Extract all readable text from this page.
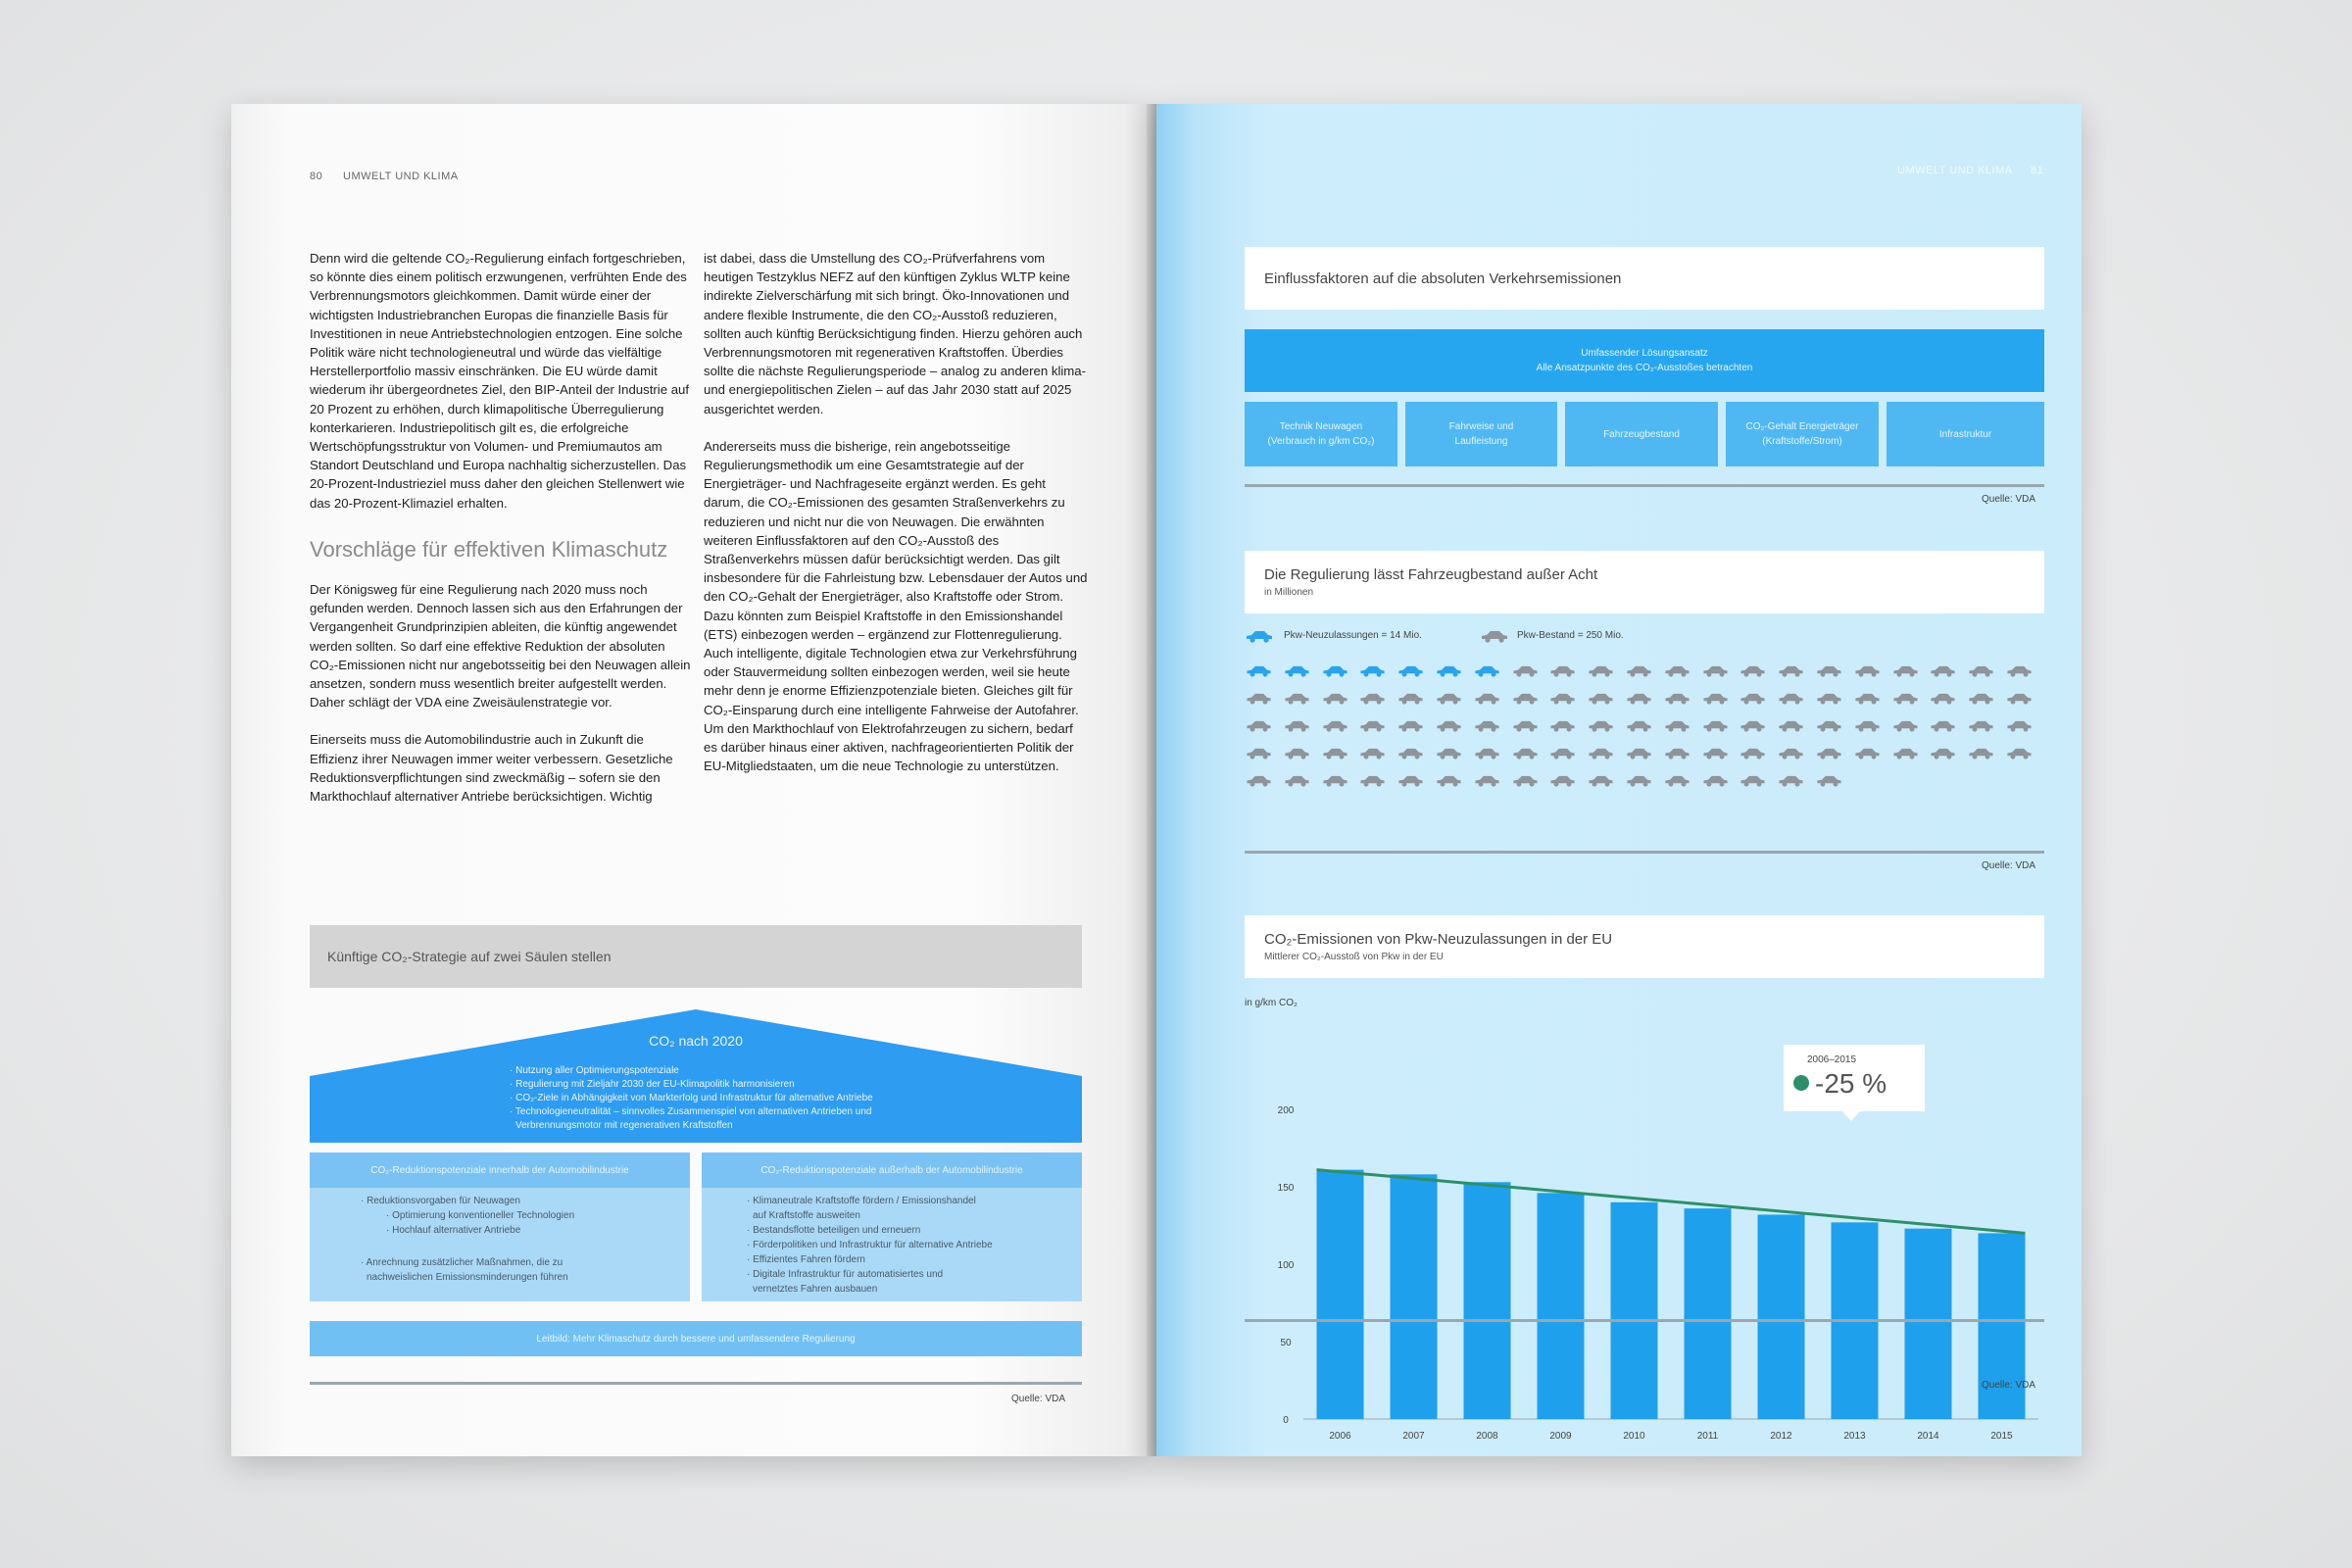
80 UMWELT UND KLIMA

Denn wird die geltende CO₂-Regulierung einfach fortgeschrieben, so könnte dies einem politisch erzwungenen, verfrühten Ende des Verbrennungsmotors gleichkommen. Damit würde einer der wichtigsten Industriebranchen Europas die finanzielle Basis für Investitionen in neue Antriebstechnologien entzogen. Eine solche Politik wäre nicht technologieneutral und würde das vielfältige Herstellerportfolio massiv einschränken. Die EU würde damit wiederum ihr übergeordnetes Ziel, den BIP-Anteil der Industrie auf 20 Prozent zu erhöhen, durch klimapolitische Überregulierung konterkarieren. Industriepolitisch gilt es, die erfolgreiche Wertschöpfungsstruktur von Volumen- und Premiumautos am Standort Deutschland und Europa nachhaltig sicherzustellen. Das 20-Prozent-Industrieziel muss daher den gleichen Stellenwert wie das 20-Prozent-Klimaziel erhalten.

Vorschläge für effektiven Klimaschutz

Der Königsweg für eine Regulierung nach 2020 muss noch gefunden werden. Dennoch lassen sich aus den Erfahrungen der Vergangenheit Grundprinzipien ableiten, die künftig angewendet werden sollten. So darf eine effektive Reduktion der absoluten CO₂-Emissionen nicht nur angebotsseitig bei den Neuwagen allein ansetzen, sondern muss wesentlich breiter aufgestellt werden. Daher schlägt der VDA eine Zweisäulenstrategie vor.

Einerseits muss die Automobilindustrie auch in Zukunft die Effizienz ihrer Neuwagen immer weiter verbessern. Gesetzliche Reduktionsverpflichtungen sind zweckmäßig – sofern sie den Markthochlauf alternativer Antriebe berücksichtigen. Wichtig

ist dabei, dass die Umstellung des CO₂-Prüfverfahrens vom heutigen Testzyklus NEFZ auf den künftigen Zyklus WLTP keine indirekte Zielverschärfung mit sich bringt. Öko-Innovationen und andere flexible Instrumente, die den CO₂-Ausstoß reduzieren, sollten auch künftig Berücksichtigung finden. Hierzu gehören auch Verbrennungsmotoren mit regenerativen Kraftstoffen. Überdies sollte die nächste Regulierungsperiode – analog zu anderen klima- und energiepolitischen Zielen – auf das Jahr 2030 statt auf 2025 ausgerichtet werden.

Andererseits muss die bisherige, rein angebotsseitige Regulierungsmethodik um eine Gesamtstrategie auf der Energieträger- und Nachfrageseite ergänzt werden. Es geht darum, die CO₂-Emissionen des gesamten Straßenverkehrs zu reduzieren und nicht nur die von Neuwagen. Die erwähnten weiteren Einflussfaktoren auf den CO₂-Ausstoß des Straßenverkehrs müssen dafür berücksichtigt werden. Das gilt insbesondere für die Fahrleistung bzw. Lebensdauer der Autos und den CO₂-Gehalt der Energieträger, also Kraftstoffe oder Strom. Dazu könnten zum Beispiel Kraftstoffe in den Emissionshandel (ETS) einbezogen werden – ergänzend zur Flottenregulierung. Auch intelligente, digitale Technologien etwa zur Verkehrsführung oder Stauvermeidung sollten einbezogen werden, weil sie heute mehr denn je enorme Effizienzpotenziale bieten. Gleiches gilt für CO₂-Einsparung durch eine intelligente Fahrweise der Autofahrer. Um den Markthochlauf von Elektrofahrzeugen zu sichern, bedarf es darüber hinaus einer aktiven, nachfrageorientierten Politik der EU-Mitgliedstaaten, um die neue Technologie zu unterstützen.

Künftige CO₂-Strategie auf zwei Säulen stellen
CO₂ nach 2020
· Nutzung aller Optimierungspotenziale
· Regulierung mit Zieljahr 2030 der EU-Klimapolitik harmonisieren
· CO₂-Ziele in Abhängigkeit von Markterfolg und Infrastruktur für alternative Antriebe
· Technologieneutralität – sinnvolles Zusammenspiel von alternativen Antrieben und
Verbrennungsmotor mit regenerativen Kraftstoffen
CO₂-Reduktionspotenziale innerhalb der Automobilindustrie
· Reduktionsvorgaben für Neuwagen
· Optimierung konventioneller Technologien
· Hochlauf alternativer Antriebe
· Anrechnung zusätzlicher Maßnahmen, die zu
nachweislichen Emissionsminderungen führen
CO₂-Reduktionspotenziale außerhalb der Automobilindustrie
· Klimaneutrale Kraftstoffe fördern / Emissionshandel
auf Kraftstoffe ausweiten
· Bestandsflotte beteiligen und erneuern
· Förderpolitiken und Infrastruktur für alternative Antriebe
· Effizientes Fahren fördern
· Digitale Infrastruktur für automatisiertes und
vernetztes Fahren ausbauen
Leitbild: Mehr Klimaschutz durch bessere und umfassendere Regulierung
Quelle: VDA
UMWELT UND KLIMA 81
Einflussfaktoren auf die absoluten Verkehrsemissionen
Umfassender Lösungsansatz
Alle Ansatzpunkte des CO₂-Ausstoßes betrachten
Technik Neuwagen
(Verbrauch in g/km CO₂)
Fahrweise und
Laufleistung
Fahrzeugbestand
CO₂-Gehalt Energieträger
(Kraftstoffe/Strom)
Infrastruktur
Quelle: VDA
Die Regulierung lässt Fahrzeugbestand außer Acht
in Millionen
Pkw-Neuzulassungen = 14 Mio.	Pkw-Bestand = 250 Mio.
Quelle: VDA
CO₂-Emissionen von Pkw-Neuzulassungen in der EU
Mittlerer CO₂-Ausstoß von Pkw in der EU
in g/km CO₂
0
50
100
150
200
2006	2007	2008	2009	2010	2011	2012	2013	2014	2015
2006–2015
-25 %
Quelle: VDA
